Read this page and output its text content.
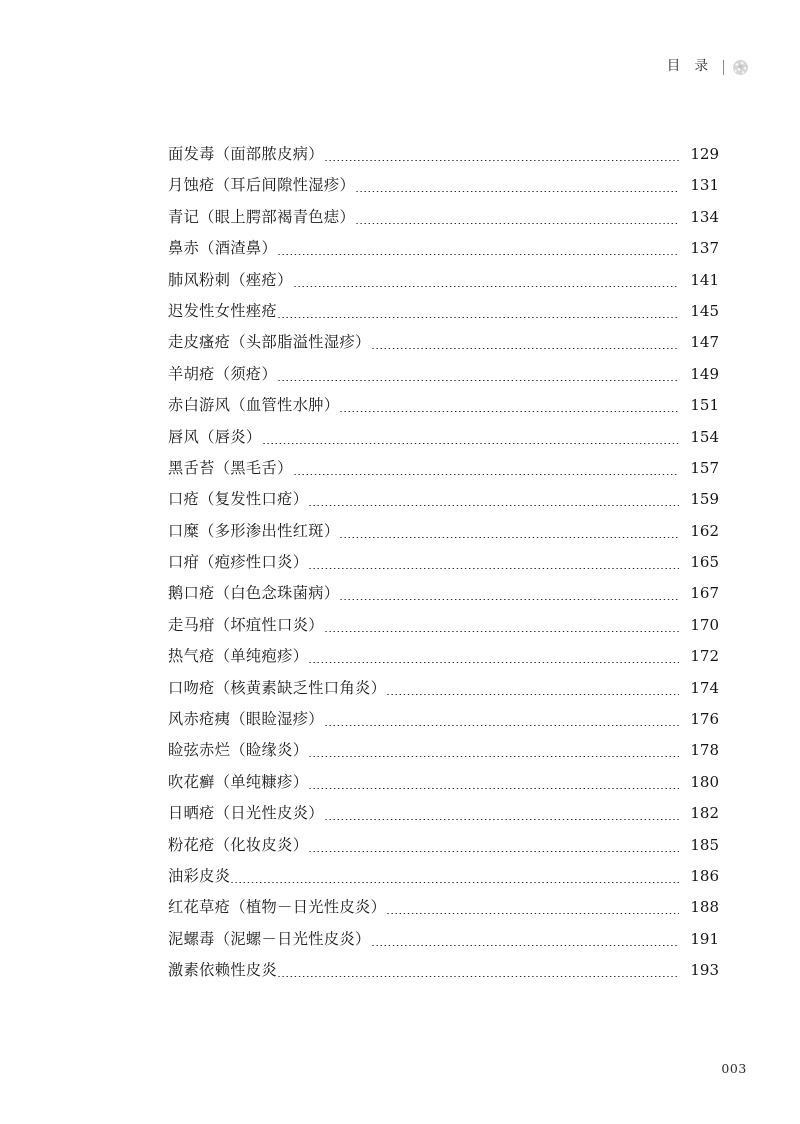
目 录
面发毒（面部脓皮病）	129
月蚀疮（耳后间隙性湿疹）	131
青记（眼上腭部褐青色痣）	134
鼻赤（酒渣鼻）	137
肺风粉刺（痤疮）	141
迟发性女性痤疮	145
走皮瘙疮（头部脂溢性湿疹）	147
羊胡疮（须疮）	149
赤白游风（血管性水肿）	151
唇风（唇炎）	154
黑舌苔（黑毛舌）	157
口疮（复发性口疮）	159
口糜（多形渗出性红斑）	162
口疳（疱疹性口炎）	165
鹅口疮（白色念珠菌病）	167
走马疳（坏疽性口炎）	170
热气疮（单纯疱疹）	172
口吻疮（核黄素缺乏性口角炎）	174
风赤疮痍（眼睑湿疹）	176
睑弦赤烂（睑缘炎）	178
吹花癣（单纯糠疹）	180
日晒疮（日光性皮炎）	182
粉花疮（化妆皮炎）	185
油彩皮炎	186
红花草疮（植物－日光性皮炎）	188
泥螺毒（泥螺－日光性皮炎）	191
激素依赖性皮炎	193
003
